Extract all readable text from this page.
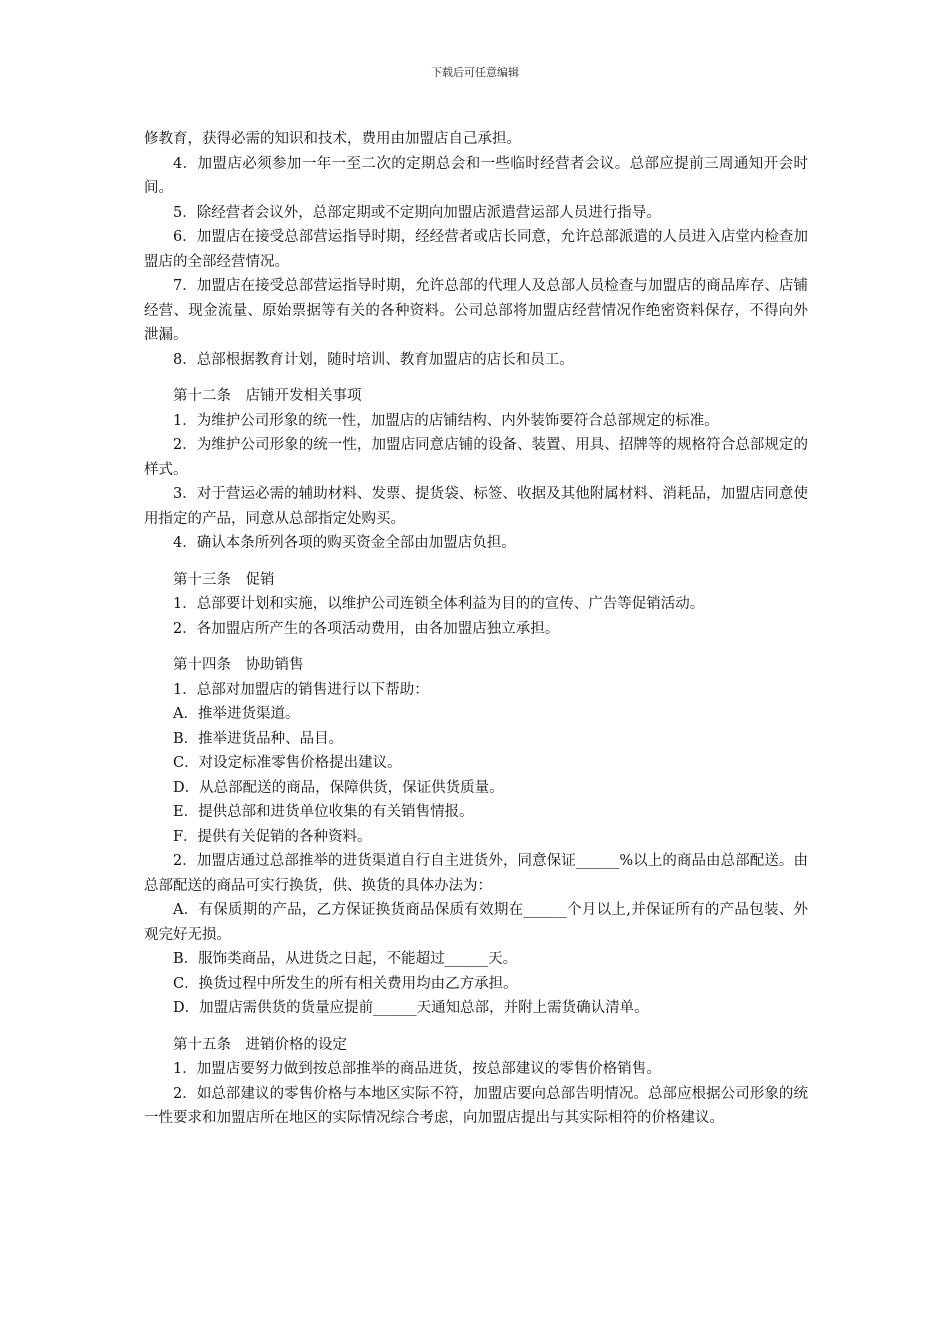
下载后可任意编辑

修教育，获得必需的知识和技术，费用由加盟店自己承担。

4．加盟店必须参加一年一至二次的定期总会和一些临时经营者会议。总部应提前三周通知开会时间。

5．除经营者会议外，总部定期或不定期向加盟店派遣营运部人员进行指导。

6．加盟店在接受总部营运指导时期，经经营者或店长同意，允许总部派遣的人员进入店堂内检查加盟店的全部经营情况。

7．加盟店在接受总部营运指导时期，允许总部的代理人及总部人员检查与加盟店的商品库存、店铺经营、现金流量、原始票据等有关的各种资料。公司总部将加盟店经营情况作绝密资料保存，不得向外泄漏。

8．总部根据教育计划，随时培训、教育加盟店的店长和员工。

第十二条　店铺开发相关事项

1．为维护公司形象的统一性，加盟店的店铺结构、内外装饰要符合总部规定的标准。

2．为维护公司形象的统一性，加盟店同意店铺的设备、装置、用具、招牌等的规格符合总部规定的样式。

3．对于营运必需的辅助材料、发票、提货袋、标签、收据及其他附属材料、消耗品，加盟店同意使用指定的产品，同意从总部指定处购买。

4．确认本条所列各项的购买资金全部由加盟店负担。

第十三条　促销

1．总部要计划和实施，以维护公司连锁全体利益为目的的宣传、广告等促销活动。

2．各加盟店所产生的各项活动费用，由各加盟店独立承担。

第十四条　协助销售

1．总部对加盟店的销售进行以下帮助：

A．推举进货渠道。

B．推举进货品种、品目。

C．对设定标准零售价格提出建议。

D．从总部配送的商品，保障供货，保证供货质量。

E．提供总部和进货单位收集的有关销售情报。

F．提供有关促销的各种资料。

2．加盟店通过总部推举的进货渠道自行自主进货外，同意保证______%以上的商品由总部配送。由总部配送的商品可实行换货，供、换货的具体办法为：

A．有保质期的产品，乙方保证换货商品保质有效期在______个月以上,并保证所有的产品包装、外观完好无损。

B．服饰类商品，从进货之日起，不能超过______天。

C．换货过程中所发生的所有相关费用均由乙方承担。

D．加盟店需供货的货量应提前______天通知总部，并附上需货确认清单。

第十五条　进销价格的设定

1．加盟店要努力做到按总部推举的商品进货，按总部建议的零售价格销售。

2．如总部建议的零售价格与本地区实际不符，加盟店要向总部告明情况。总部应根据公司形象的统一性要求和加盟店所在地区的实际情况综合考虑，向加盟店提出与其实际相符的价格建议。
